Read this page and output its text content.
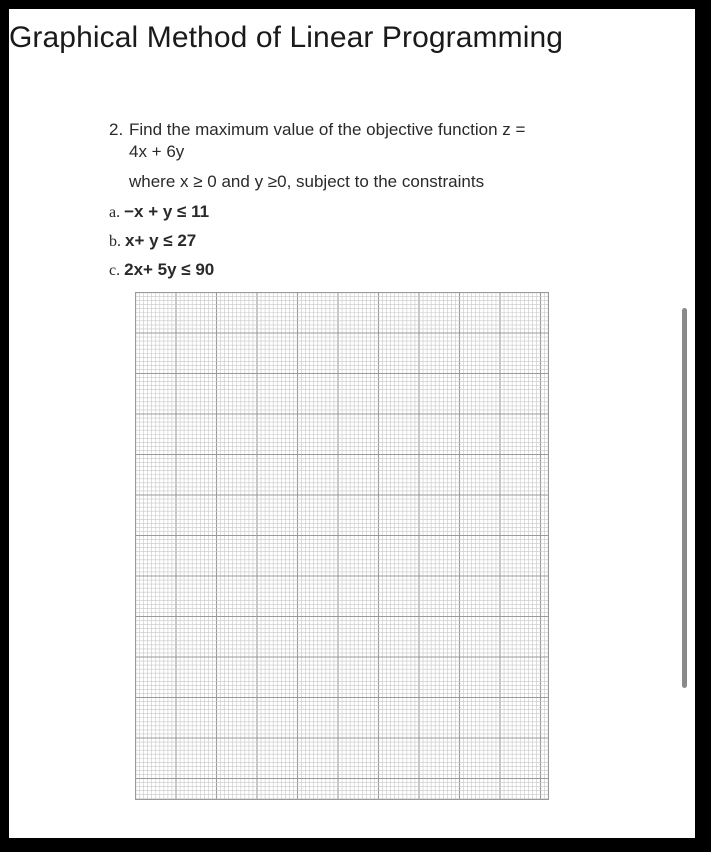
Graphical Method of Linear Programming
2. Find the maximum value of the objective function z =
4x + 6y
where x ≥ 0 and y ≥0, subject to the constraints
a. −x + y ≤ 11
b. x+ y ≤ 27
c. 2x+ 5y ≤ 90
